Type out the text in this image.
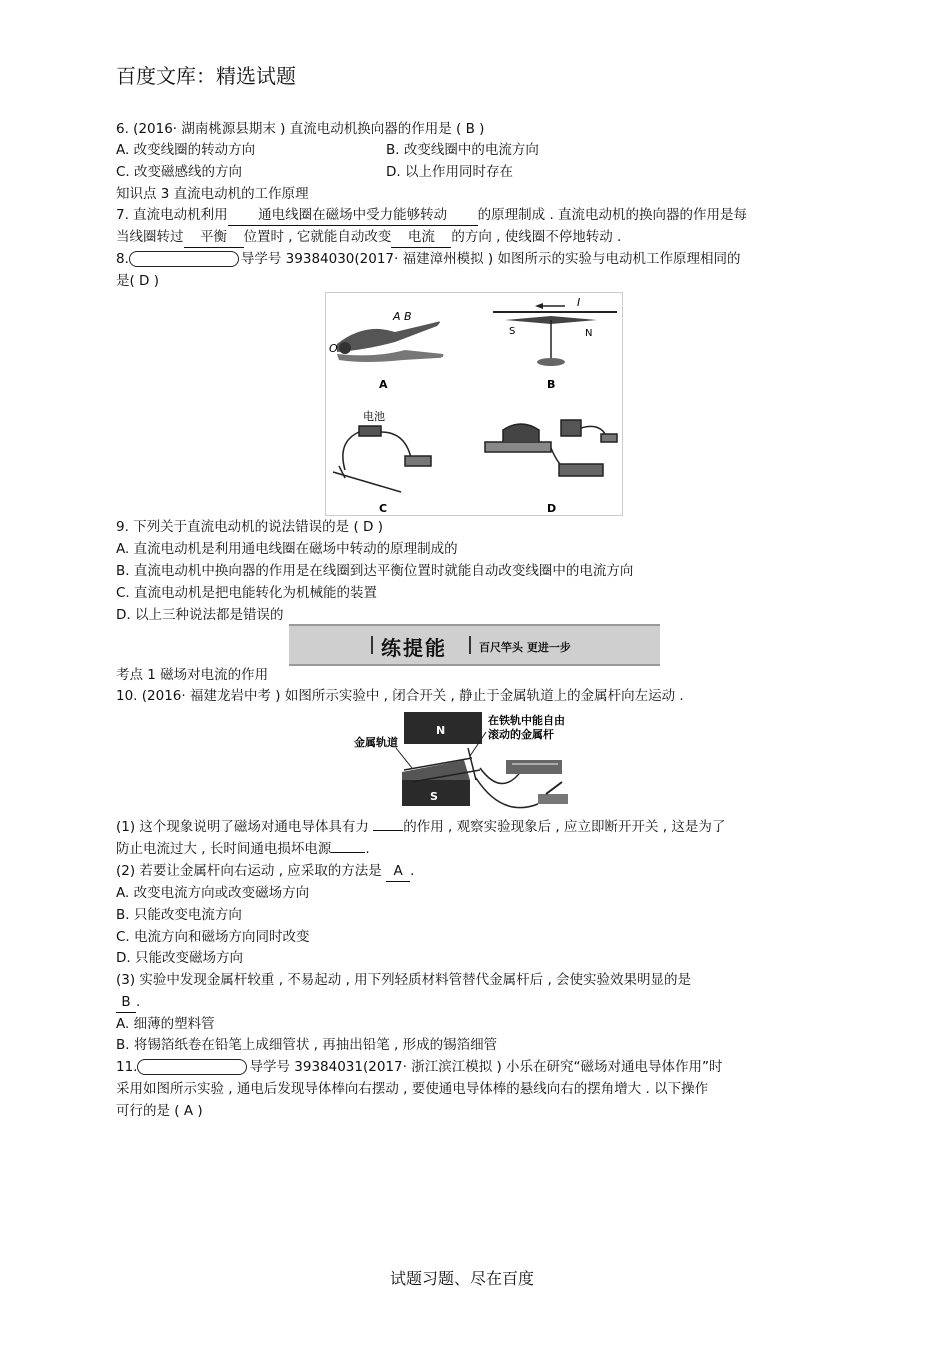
百度文库：精选试题
6. (2016· 湖南桃源县期末 ) 直流电动机换向器的作用是 ( B )
A. 改变线圈的转动方向	B. 改变线圈中的电流方向
C. 改变磁感线的方向	D. 以上作用同时存在
知识点 3 直流电动机的工作原理
7. 直流电动机利用 通电线圈在磁场中受力能够转动 的原理制成 . 直流电动机的换向器的作用是每
当线圈转过 平衡 位置时 , 它就能自动改变 电流 的方向 , 使线圈不停地转动 .
8.	导学号 39384030(2017· 福建漳州模拟 ) 如图所示的实验与电动机工作原理相同的
是( D )
O
A B
A
I
S	N
B
电池
C	D
9. 下列关于直流电动机的说法错误的是 ( D )
A. 直流电动机是利用通电线圈在磁场中转动的原理制成的
B. 直流电动机中换向器的作用是在线圈到达平衡位置时就能自动改变线圈中的电流方向
C. 直流电动机是把电能转化为机械能的装置
D. 以上三种说法都是错误的
练提能	百尺竿头 更进一步
考点 1 磁场对电流的作用
10. (2016· 福建龙岩中考 ) 如图所示实验中 , 闭合开关 , 静止于金属轨道上的金属杆向左运动 .
N
S
金属轨道
在铁轨中能自由
滚动的金属杆
(1) 这个现象说明了磁场对通电导体具有力 的作用 , 观察实验现象后 , 应立即断开开关 , 这是为了
防止电流过大 , 长时间通电损坏电源	.
(2) 若要让金属杆向右运动 , 应采取的方法是 A .
A. 改变电流方向或改变磁场方向
B. 只能改变电流方向
C. 电流方向和磁场方向同时改变
D. 只能改变磁场方向
(3) 实验中发现金属杆较重 , 不易起动 , 用下列轻质材料管替代金属杆后 , 会使实验效果明显的是
B .
A. 细薄的塑料管
B. 将锡箔纸卷在铅笔上成细管状 , 再抽出铅笔 , 形成的锡箔细管
11.	导学号 39384031(2017· 浙江滨江模拟 ) 小乐在研究“磁场对通电导体作用”时
采用如图所示实验 , 通电后发现导体棒向右摆动 , 要使通电导体棒的悬线向右的摆角增大 . 以下操作
可行的是 ( A )
试题习题、尽在百度
